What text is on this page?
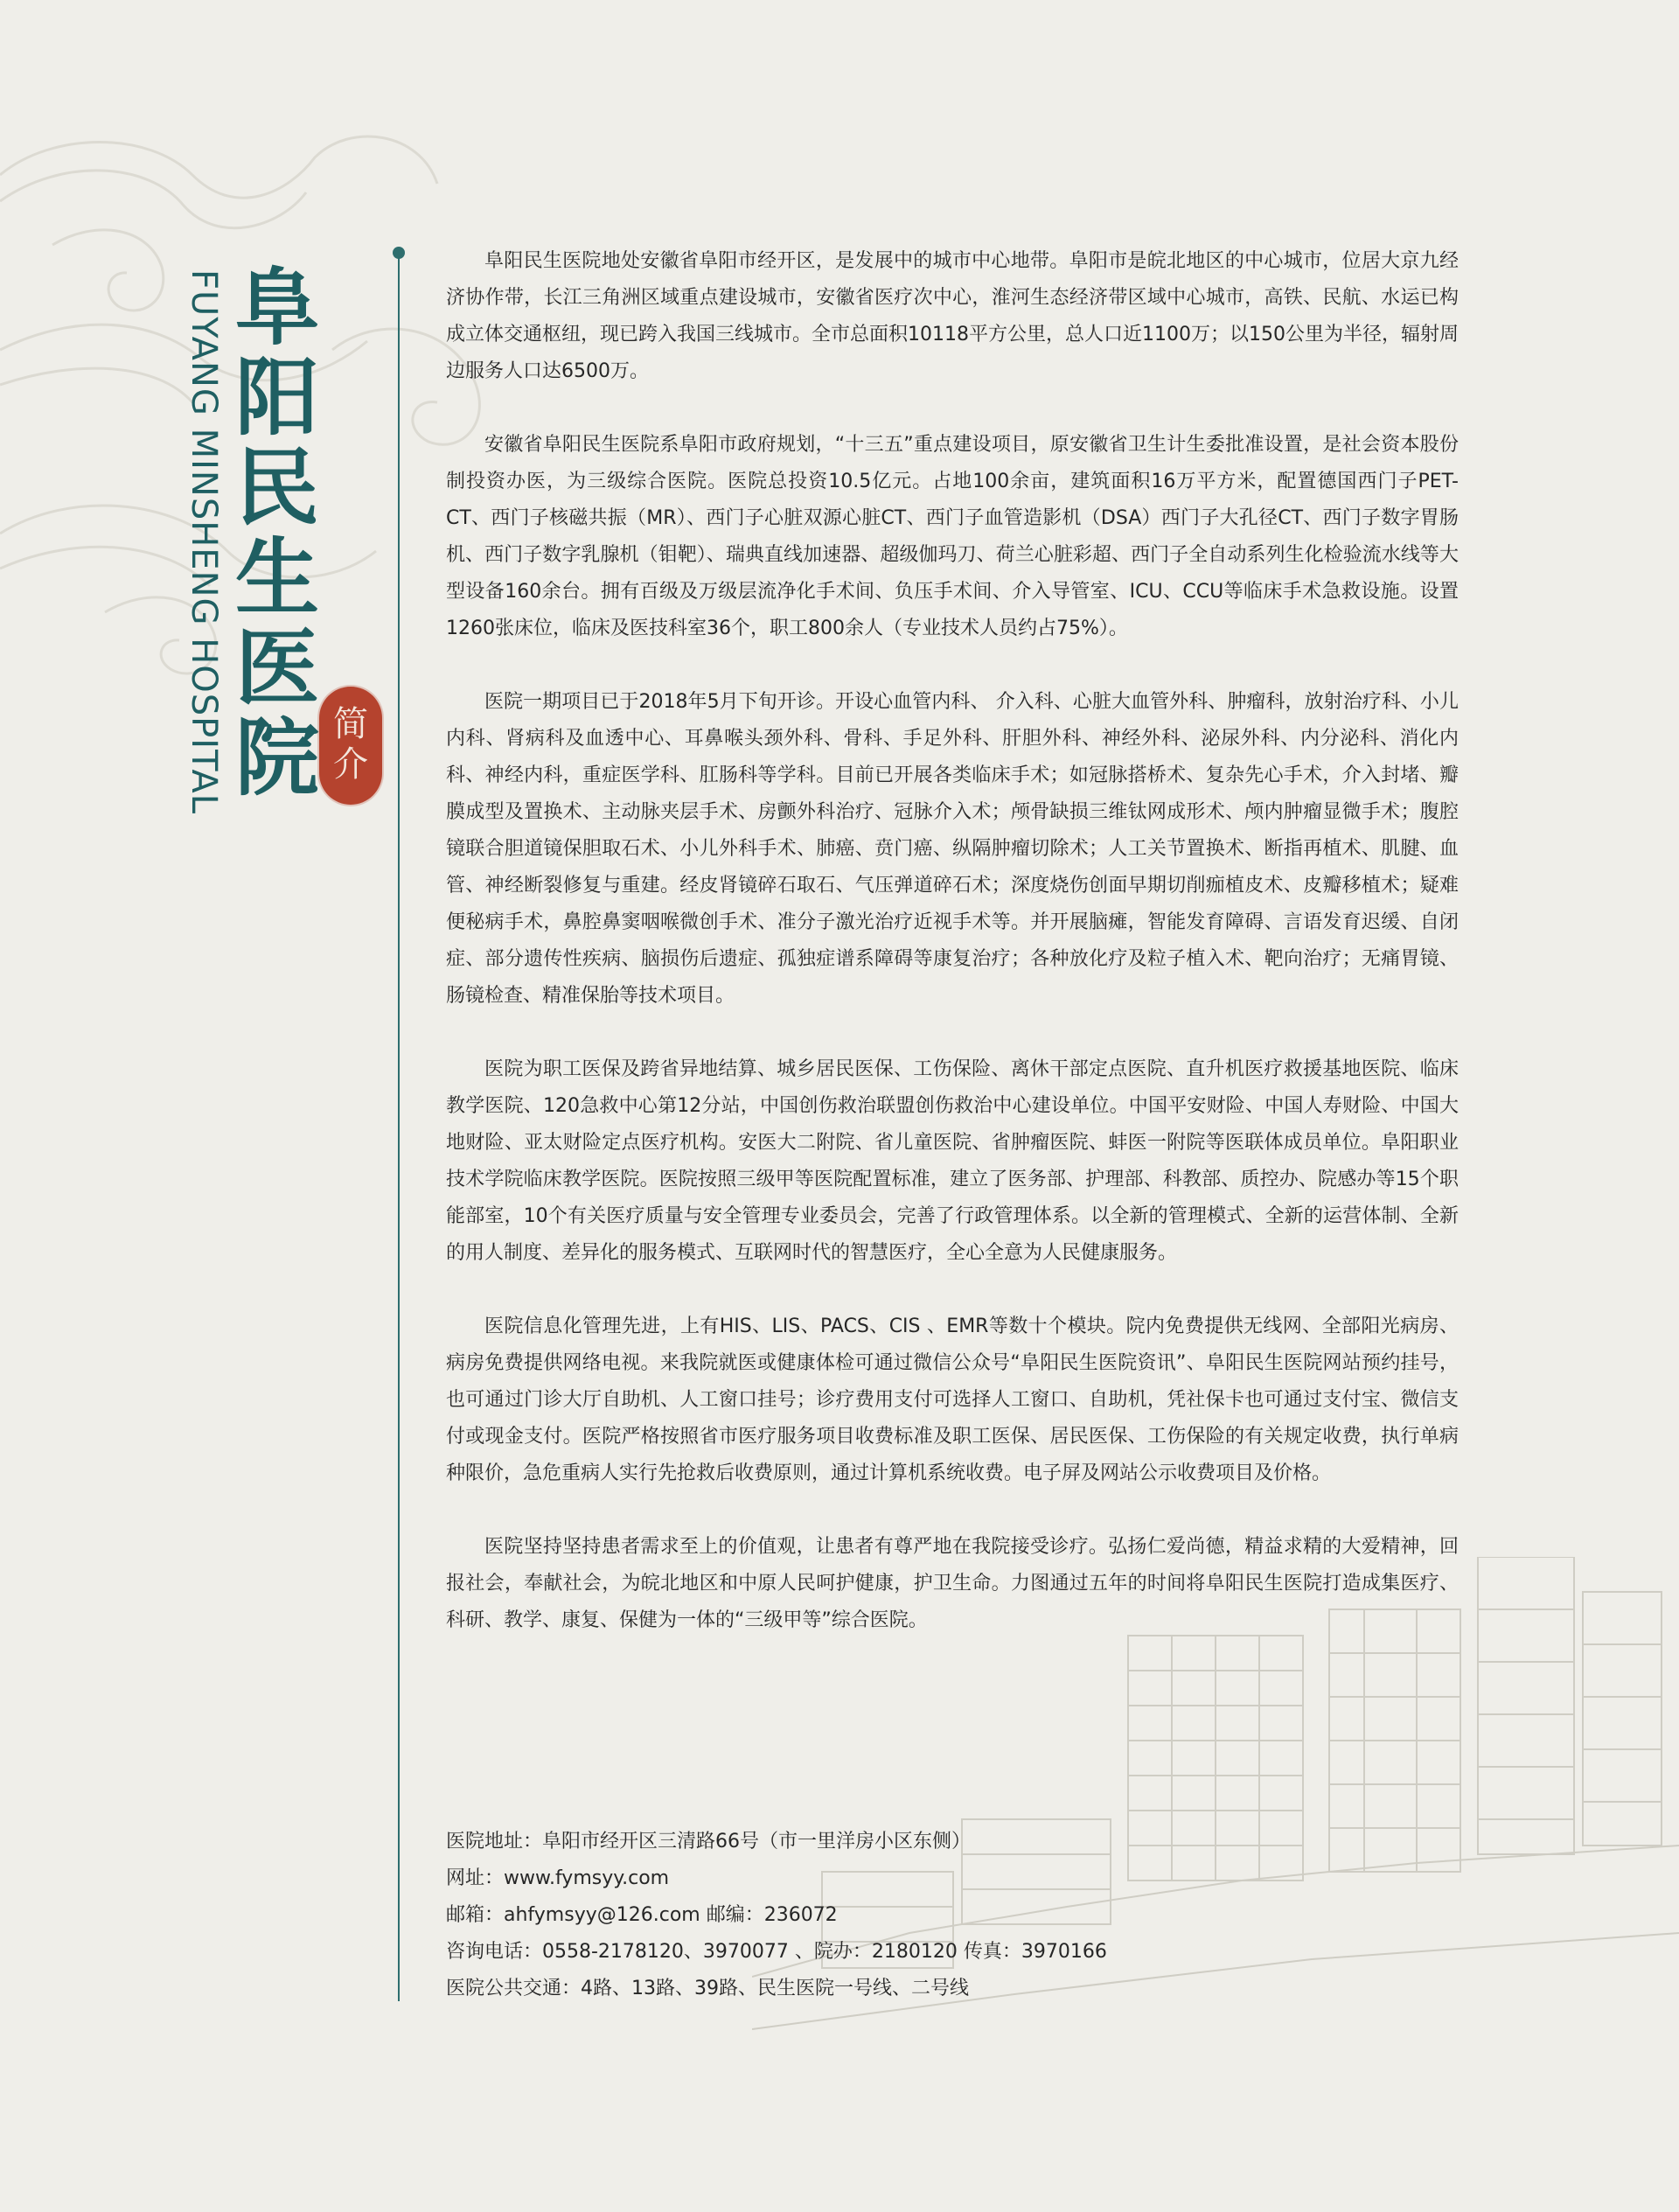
阜
阳
民
生
医
院
FUYANG MINSHENG HOSPITAL	简
介

阜阳民生医院地处安徽省阜阳市经开区，是发展中的城市中心地带。阜阳市是皖北地区的中心城市，位居大京九经济协作带，长江三角洲区域重点建设城市，安徽省医疗次中心，淮河生态经济带区域中心城市，高铁、民航、水运已构成立体交通枢纽，现已跨入我国三线城市。全市总面积10118平方公里，总人口近1100万；以150公里为半径，辐射周边服务人口达6500万。

安徽省阜阳民生医院系阜阳市政府规划，“十三五”重点建设项目，原安徽省卫生计生委批准设置，是社会资本股份制投资办医，为三级综合医院。医院总投资10.5亿元。占地100余亩，建筑面积16万平方米，配置德国西门子PET-CT、西门子核磁共振（MR）、西门子心脏双源心脏CT、西门子血管造影机（DSA）西门子大孔径CT、西门子数字胃肠机、西门子数字乳腺机（钼靶）、瑞典直线加速器、超级伽玛刀、荷兰心脏彩超、西门子全自动系列生化检验流水线等大型设备160余台。拥有百级及万级层流净化手术间、负压手术间、介入导管室、ICU、CCU等临床手术急救设施。设置1260张床位，临床及医技科室36个，职工800余人（专业技术人员约占75%）。

医院一期项目已于2018年5月下旬开诊。开设心血管内科、 介入科、心脏大血管外科、肿瘤科，放射治疗科、小儿内科、肾病科及血透中心、耳鼻喉头颈外科、骨科、手足外科、肝胆外科、神经外科、泌尿外科、内分泌科、消化内科、神经内科，重症医学科、肛肠科等学科。目前已开展各类临床手术；如冠脉搭桥术、复杂先心手术，介入封堵、瓣膜成型及置换术、主动脉夹层手术、房颤外科治疗、冠脉介入术；颅骨缺损三维钛网成形术、颅内肿瘤显微手术；腹腔镜联合胆道镜保胆取石术、小儿外科手术、肺癌、贲门癌、纵隔肿瘤切除术；人工关节置换术、断指再植术、肌腱、血管、神经断裂修复与重建。经皮肾镜碎石取石、气压弹道碎石术；深度烧伤创面早期切削痂植皮术、皮瓣移植术；疑难便秘病手术，鼻腔鼻窦咽喉微创手术、准分子激光治疗近视手术等。并开展脑瘫，智能发育障碍、言语发育迟缓、自闭症、部分遗传性疾病、脑损伤后遗症、孤独症谱系障碍等康复治疗；各种放化疗及粒子植入术、靶向治疗；无痛胃镜、肠镜检查、精准保胎等技术项目。

医院为职工医保及跨省异地结算、城乡居民医保、工伤保险、离休干部定点医院、直升机医疗救援基地医院、临床教学医院、120急救中心第12分站，中国创伤救治联盟创伤救治中心建设单位。中国平安财险、中国人寿财险、中国大地财险、亚太财险定点医疗机构。安医大二附院、省儿童医院、省肿瘤医院、蚌医一附院等医联体成员单位。阜阳职业技术学院临床教学医院。医院按照三级甲等医院配置标准，建立了医务部、护理部、科教部、质控办、院感办等15个职能部室，10个有关医疗质量与安全管理专业委员会，完善了行政管理体系。以全新的管理模式、全新的运营体制、全新的用人制度、差异化的服务模式、互联网时代的智慧医疗，全心全意为人民健康服务。

医院信息化管理先进，上有HIS、LIS、PACS、CIS 、EMR等数十个模块。院内免费提供无线网、全部阳光病房、病房免费提供网络电视。来我院就医或健康体检可通过微信公众号“阜阳民生医院资讯”、阜阳民生医院网站预约挂号，也可通过门诊大厅自助机、人工窗口挂号；诊疗费用支付可选择人工窗口、自助机，凭社保卡也可通过支付宝、微信支付或现金支付。医院严格按照省市医疗服务项目收费标准及职工医保、居民医保、工伤保险的有关规定收费，执行单病种限价，急危重病人实行先抢救后收费原则，通过计算机系统收费。电子屏及网站公示收费项目及价格。

医院坚持坚持患者需求至上的价值观，让患者有尊严地在我院接受诊疗。弘扬仁爱尚德，精益求精的大爱精神，回报社会，奉献社会，为皖北地区和中原人民呵护健康，护卫生命。力图通过五年的时间将阜阳民生医院打造成集医疗、科研、教学、康复、保健为一体的“三级甲等”综合医院。

医院地址：阜阳市经开区三清路66号（市一里洋房小区东侧）
网址：www.fymsyy.com
邮箱：ahfymsyy@126.com 邮编：236072
咨询电话：0558-2178120、3970077 、院办：2180120 传真：3970166
医院公共交通：4路、13路、39路、民生医院一号线、二号线
